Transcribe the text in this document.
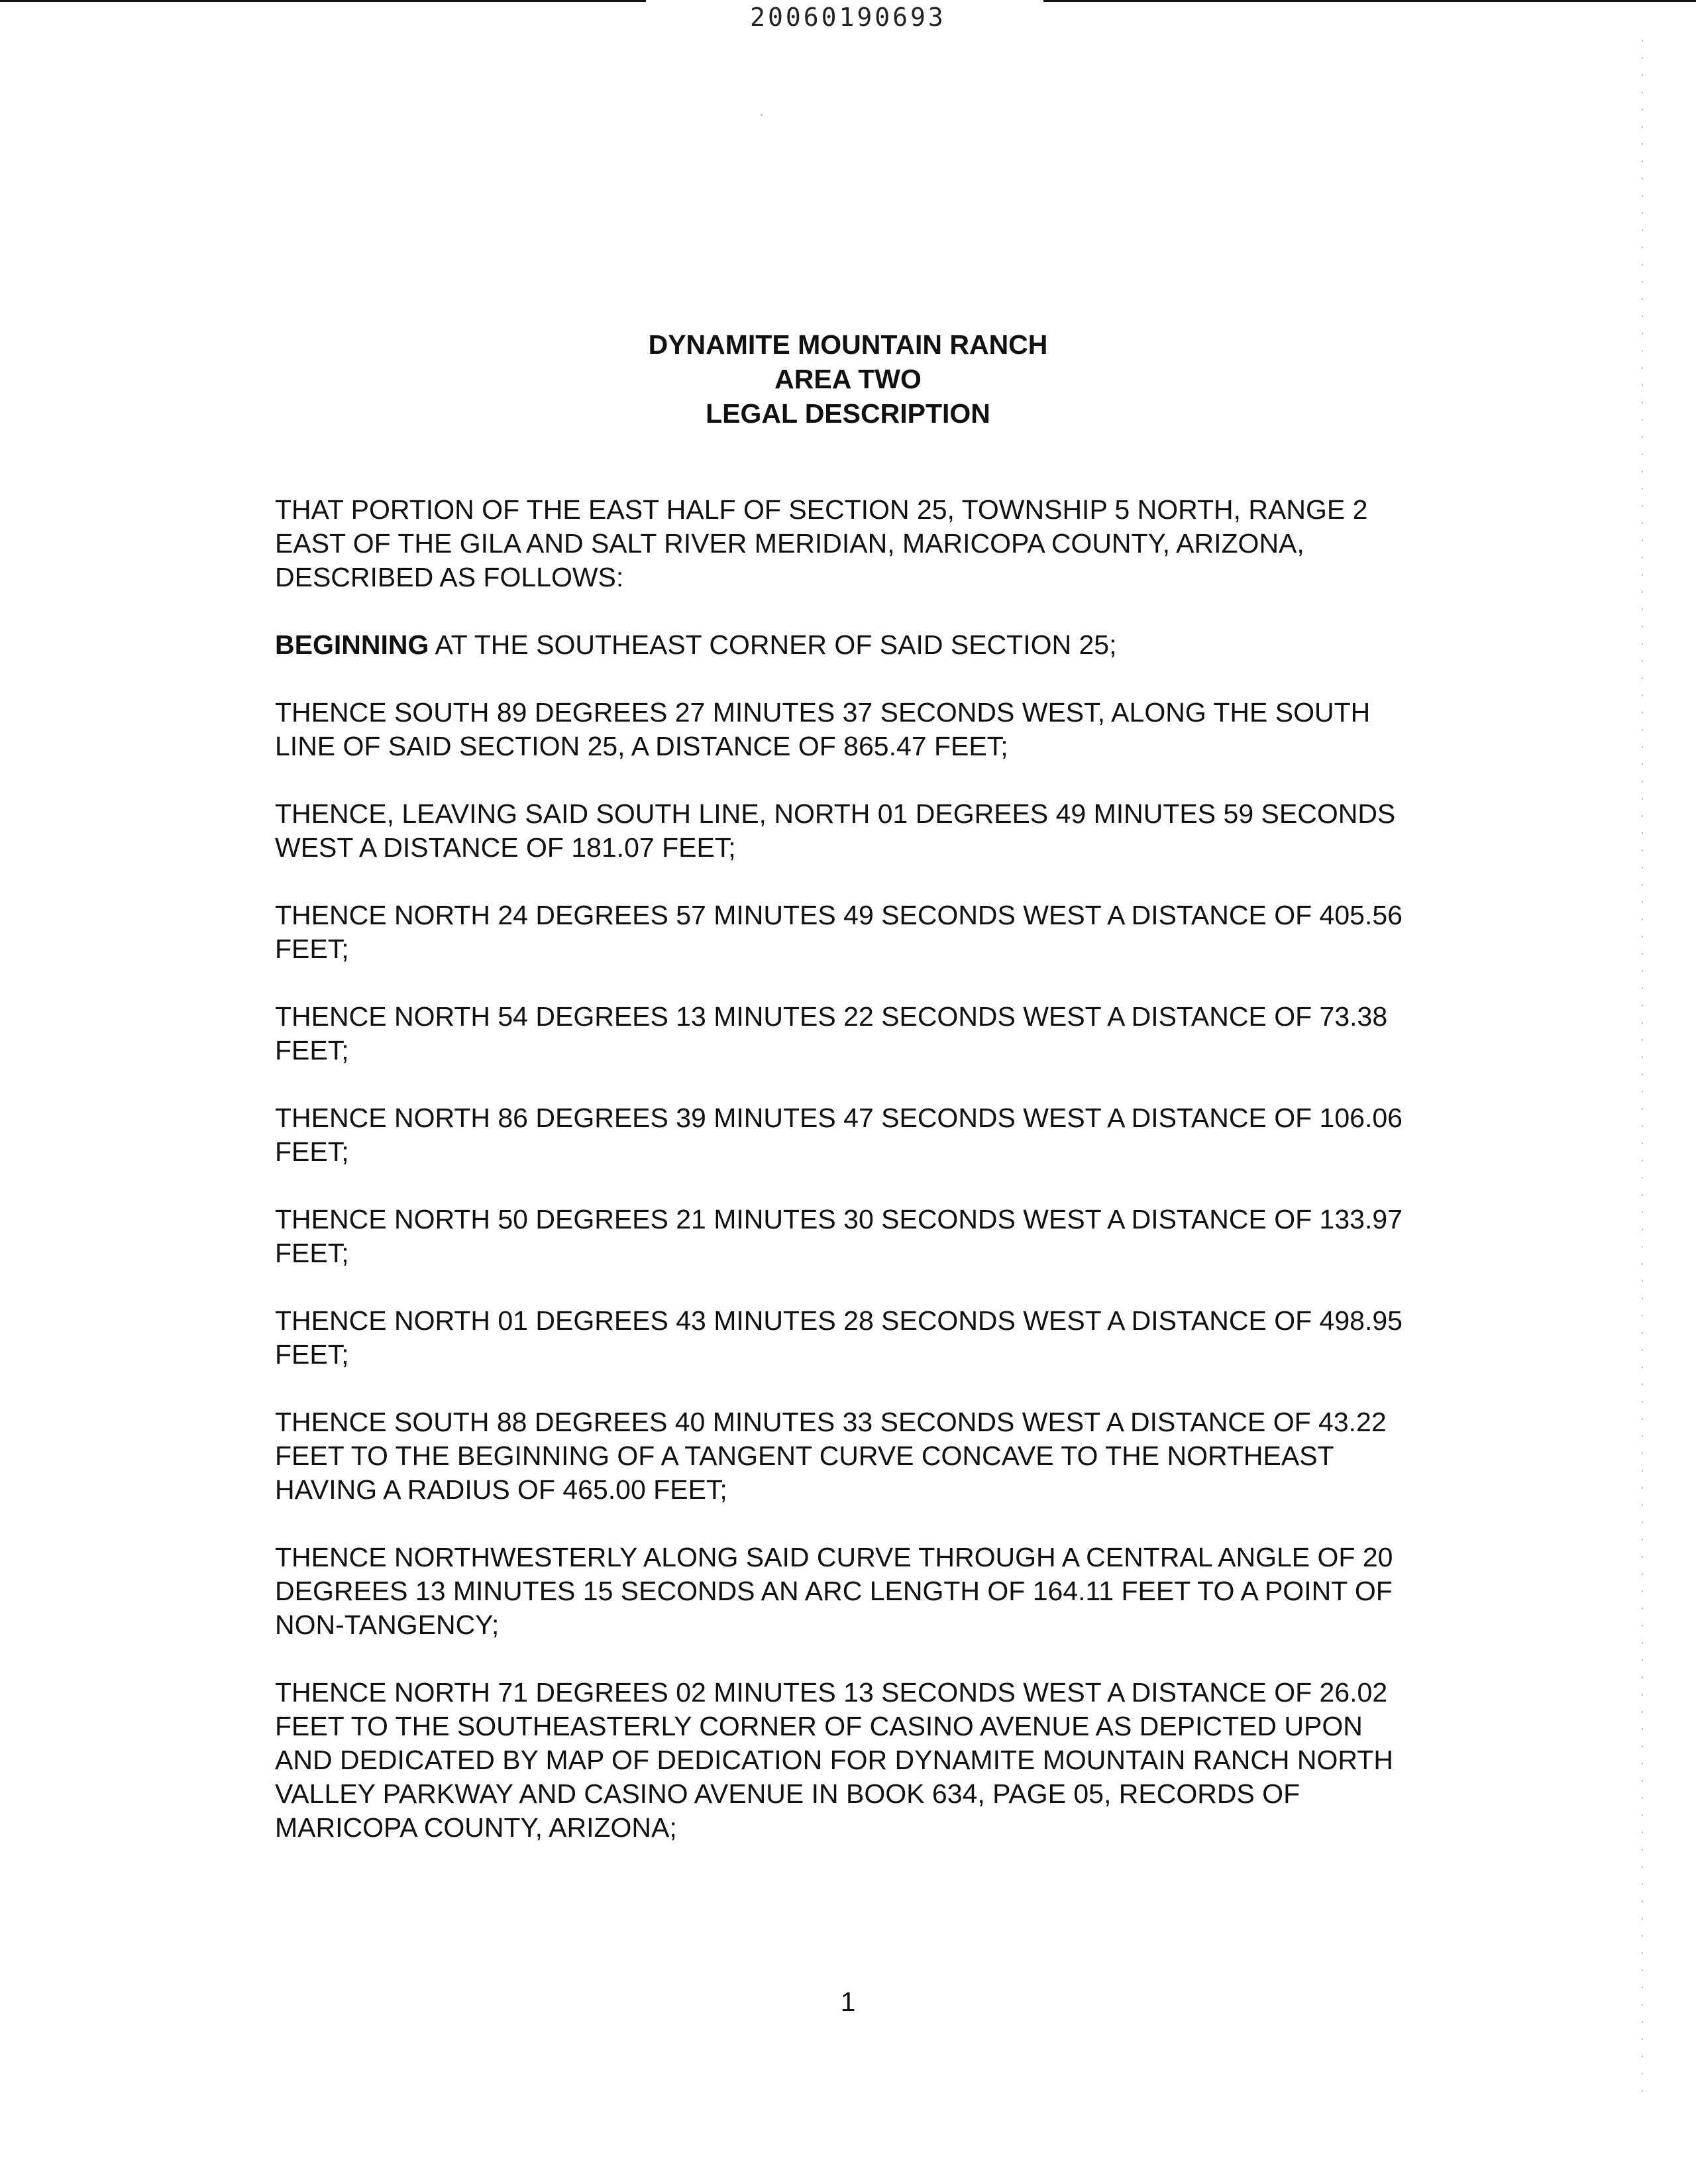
20060190693
DYNAMITE MOUNTAIN RANCH
AREA TWO
LEGAL DESCRIPTION

THAT PORTION OF THE EAST HALF OF SECTION 25, TOWNSHIP 5 NORTH, RANGE 2 EAST OF THE GILA AND SALT RIVER MERIDIAN, MARICOPA COUNTY, ARIZONA, DESCRIBED AS FOLLOWS:

BEGINNING AT THE SOUTHEAST CORNER OF SAID SECTION 25;

THENCE SOUTH 89 DEGREES 27 MINUTES 37 SECONDS WEST, ALONG THE SOUTH LINE OF SAID SECTION 25, A DISTANCE OF 865.47 FEET;

THENCE, LEAVING SAID SOUTH LINE, NORTH 01 DEGREES 49 MINUTES 59 SECONDS WEST A DISTANCE OF 181.07 FEET;

THENCE NORTH 24 DEGREES 57 MINUTES 49 SECONDS WEST A DISTANCE OF 405.56 FEET;

THENCE NORTH 54 DEGREES 13 MINUTES 22 SECONDS WEST A DISTANCE OF 73.38 FEET;

THENCE NORTH 86 DEGREES 39 MINUTES 47 SECONDS WEST A DISTANCE OF 106.06 FEET;

THENCE NORTH 50 DEGREES 21 MINUTES 30 SECONDS WEST A DISTANCE OF 133.97 FEET;

THENCE NORTH 01 DEGREES 43 MINUTES 28 SECONDS WEST A DISTANCE OF 498.95 FEET;

THENCE SOUTH 88 DEGREES 40 MINUTES 33 SECONDS WEST A DISTANCE OF 43.22 FEET TO THE BEGINNING OF A TANGENT CURVE CONCAVE TO THE NORTHEAST HAVING A RADIUS OF 465.00 FEET;

THENCE NORTHWESTERLY ALONG SAID CURVE THROUGH A CENTRAL ANGLE OF 20 DEGREES 13 MINUTES 15 SECONDS AN ARC LENGTH OF 164.11 FEET TO A POINT OF NON-TANGENCY;

THENCE NORTH 71 DEGREES 02 MINUTES 13 SECONDS WEST A DISTANCE OF 26.02 FEET TO THE SOUTHEASTERLY CORNER OF CASINO AVENUE AS DEPICTED UPON AND DEDICATED BY MAP OF DEDICATION FOR DYNAMITE MOUNTAIN RANCH NORTH VALLEY PARKWAY AND CASINO AVENUE IN BOOK 634, PAGE 05, RECORDS OF MARICOPA COUNTY, ARIZONA;

1
